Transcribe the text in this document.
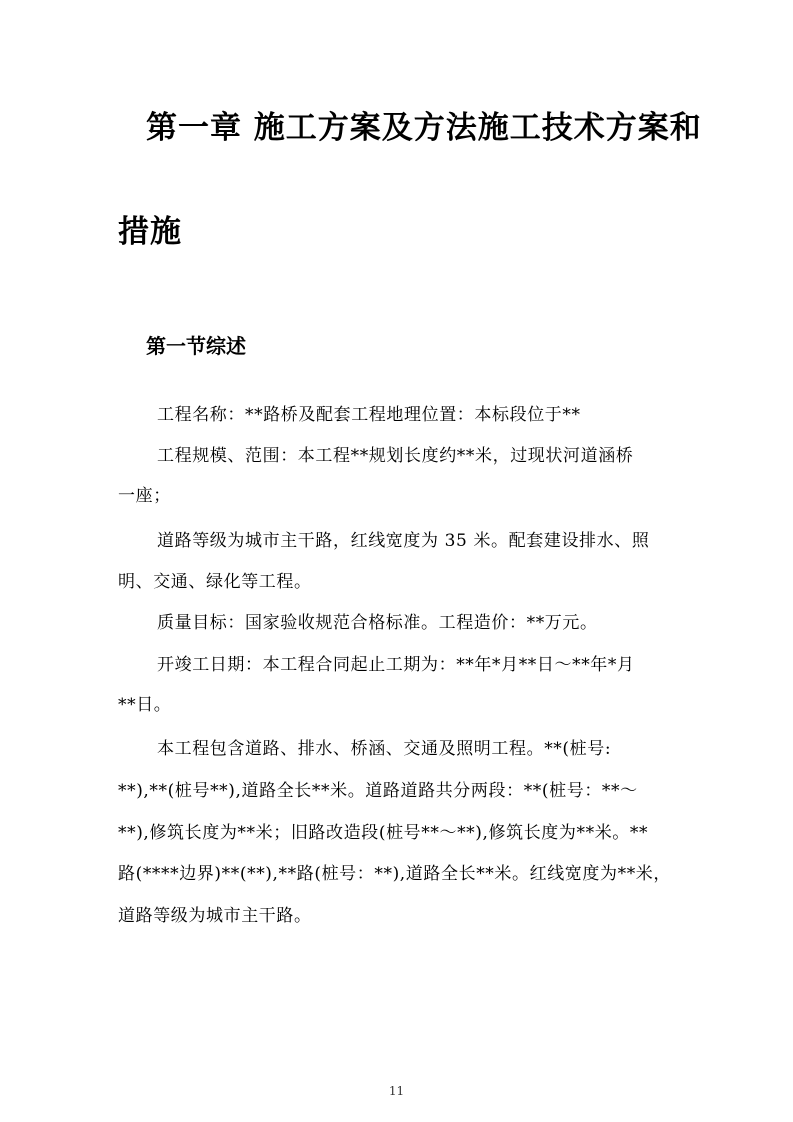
第一章 施工方案及方法施工技术方案和
措施
第一节综述
工程名称：**路桥及配套工程地理位置：本标段位于**
工程规模、范围：本工程**规划长度约**米，过现状河道涵桥
一座；
道路等级为城市主干路，红线宽度为 35 米。配套建设排水、照
明、交通、绿化等工程。
质量目标：国家验收规范合格标准。工程造价：**万元。
开竣工日期：本工程合同起止工期为：**年*月**日～**年*月
**日。
本工程包含道路、排水、桥涵、交通及照明工程。**(桩号:
**),**(桩号**),道路全长**米。道路道路共分两段：**(桩号：**～
**),修筑长度为**米；旧路改造段(桩号**～**),修筑长度为**米。**
路(****边界)**(**),**路(桩号：**),道路全长**米。红线宽度为**米，
道路等级为城市主干路。
11
